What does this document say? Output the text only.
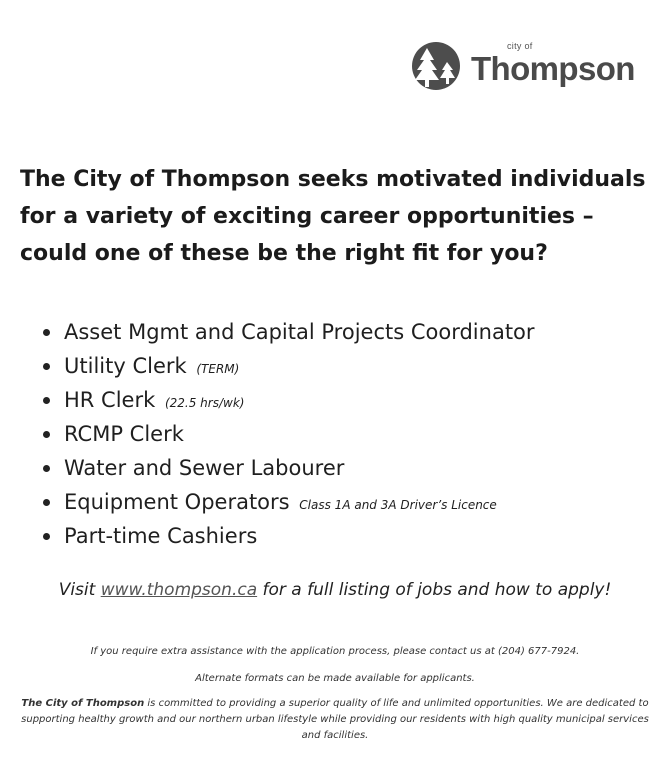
city of
Thompson
The City of Thompson seeks motivated individuals for a variety of exciting career opportunities – could one of these be the right fit for you?
Asset Mgmt and Capital Projects Coordinator
Utility Clerk (TERM)
HR Clerk (22.5 hrs/wk)
RCMP Clerk
Water and Sewer Labourer
Equipment Operators Class 1A and 3A Driver’s Licence
Part-time Cashiers
Visit www.thompson.ca for a full listing of jobs and how to apply!
If you require extra assistance with the application process, please contact us at (204) 677-7924.
Alternate formats can be made available for applicants.
The City of Thompson is committed to providing a superior quality of life and unlimited opportunities. We are dedicated to supporting healthy growth and our northern urban lifestyle while providing our residents with high quality municipal services and facilities.
